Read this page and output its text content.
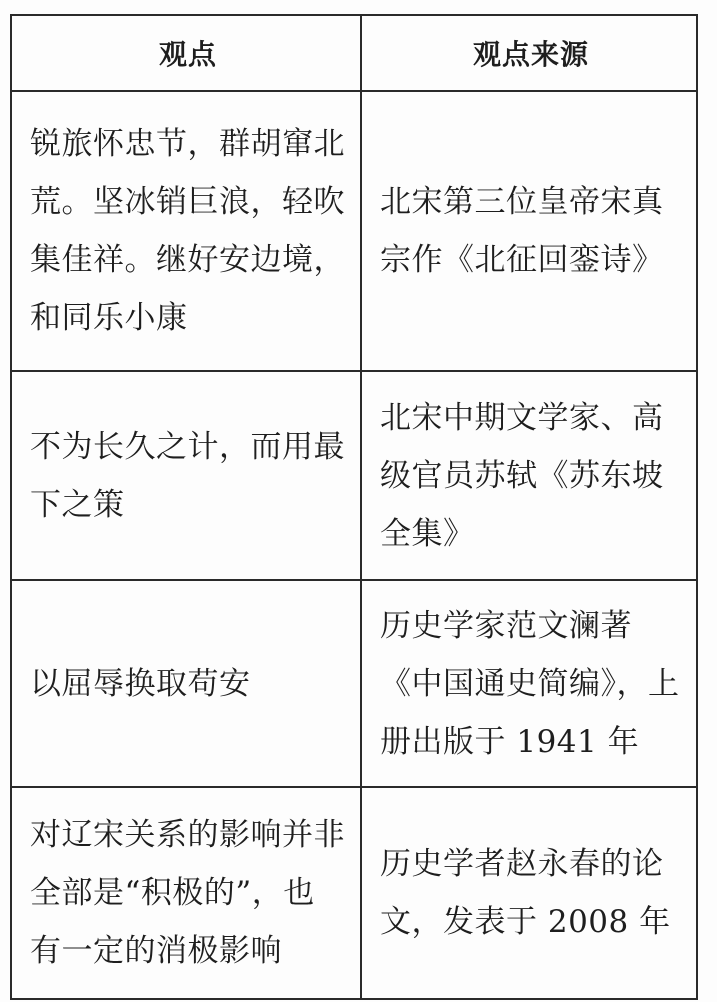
观点	观点来源
锐旅怀忠节，群胡窜北荒。坚冰销巨浪，轻吹集佳祥。继好安边境，和同乐小康	北宋第三位皇帝宋真宗作《北征回銮诗》
不为长久之计，而用最下之策	北宋中期文学家、高级官员苏轼《苏东坡全集》
以屈辱换取苟安	历史学家范文澜著《中国通史简编》，上册出版于 1941 年
对辽宋关系的影响并非全部是“积极的”，也有一定的消极影响	历史学者赵永春的论文，发表于 2008 年
